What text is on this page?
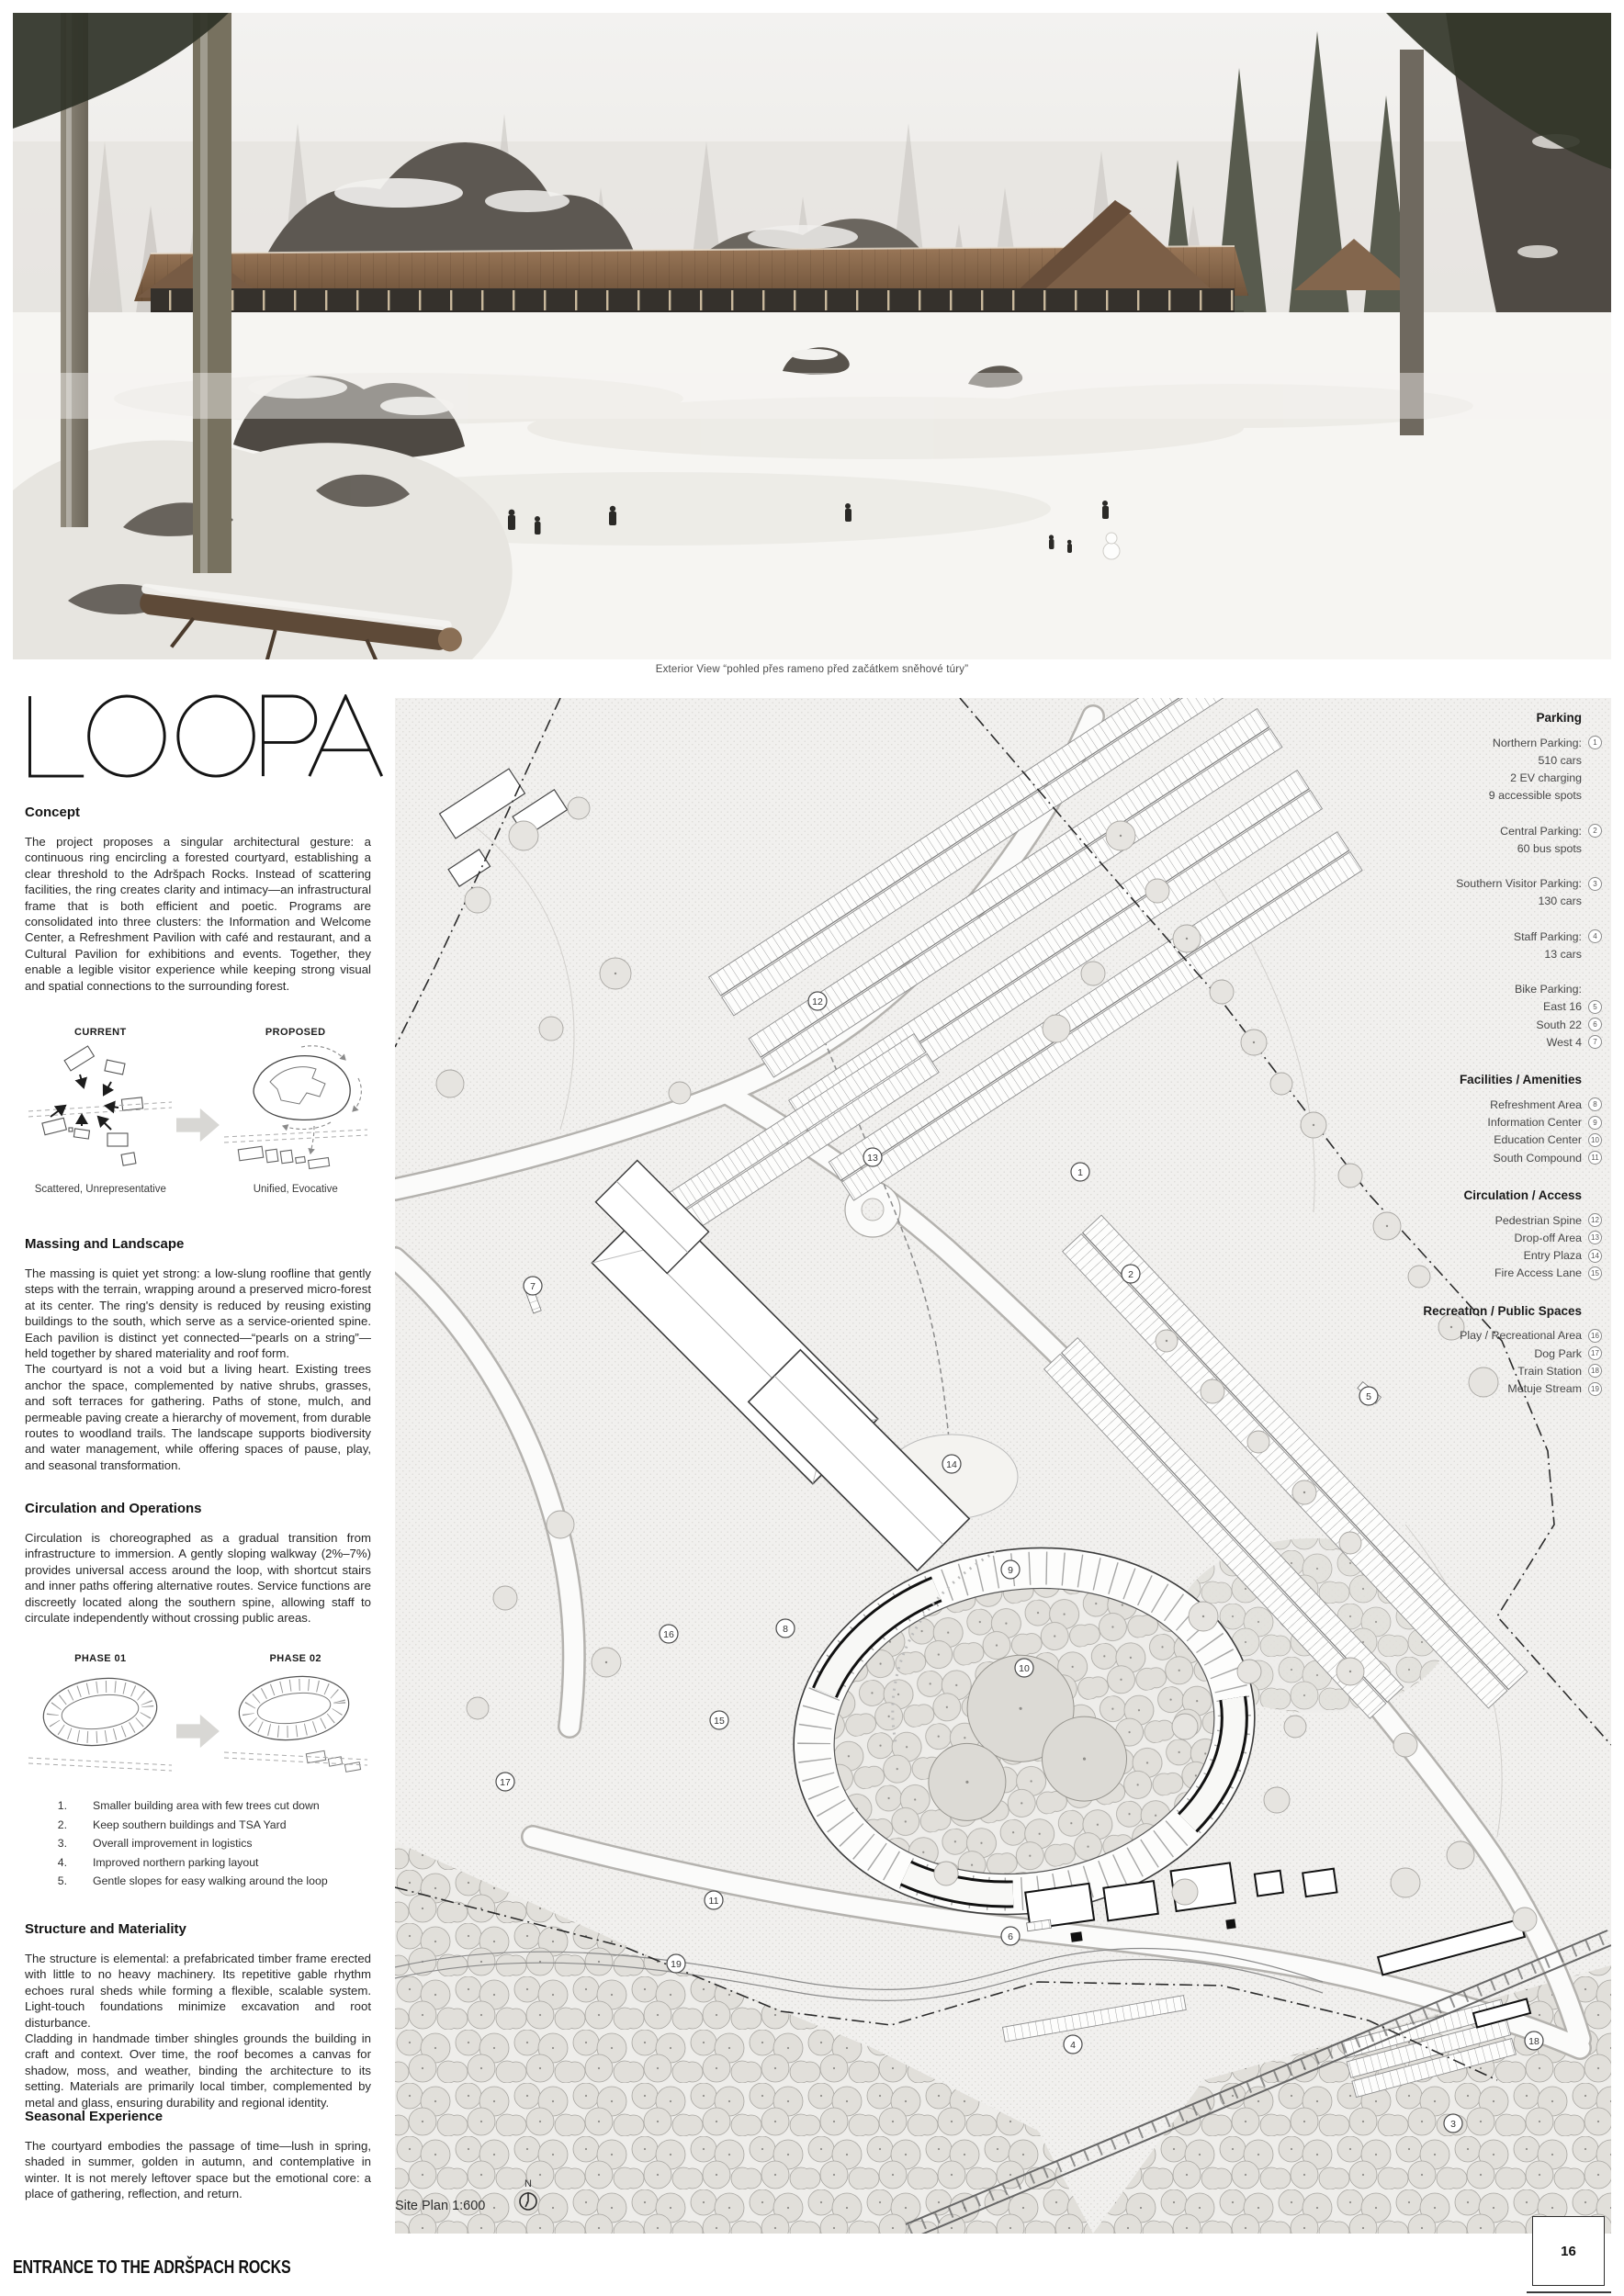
Exterior View “pohled přes rameno před začátkem sněhové túry”
Concept
The project proposes a singular architectural gesture: a continuous ring encircling a forested courtyard, establishing a clear threshold to the Adršpach Rocks. Instead of scattering facilities, the ring creates clarity and intimacy—an infrastructural frame that is both efficient and poetic. Programs are consolidated into three clusters: the Information and Welcome Center, a Refreshment Pavilion with café and restaurant, and a Cultural Pavilion for exhibitions and events. Together, they enable a legible visitor experience while keeping strong visual and spatial connections to the surrounding forest.
CURRENT
Scattered, Unrepresentative
PROPOSED
Unified, Evocative
Massing and Landscape

The massing is quiet yet strong: a low-slung roofline that gently steps with the terrain, wrapping around a preserved micro-forest at its center. The ring's density is reduced by reusing existing buildings to the south, which serve as a service-oriented spine. Each pavilion is distinct yet connected—“pearls on a string”—held together by shared materiality and roof form.

The courtyard is not a void but a living heart. Existing trees anchor the space, complemented by native shrubs, grasses, and soft terraces for gathering. Paths of stone, mulch, and permeable paving create a hierarchy of movement, from durable routes to woodland trails. The landscape supports biodiversity and water management, while offering spaces of pause, play, and seasonal transformation.

Circulation and Operations
Circulation is choreographed as a gradual transition from infrastructure to immersion. A gently sloping walkway (2%–7%) provides universal access around the loop, with shortcut stairs and inner paths offering alternative routes. Service functions are discreetly located along the southern spine, allowing staff to circulate independently without crossing public areas.
PHASE 01	PHASE 02
1.	Smaller building area with few trees cut down
2.	Keep southern buildings and TSA Yard
3.	Overall improvement in logistics
4.	Improved northern parking layout
5.	Gentle slopes for easy walking around the loop
Structure and Materiality

The structure is elemental: a prefabricated timber frame erected with little to no heavy machinery. Its repetitive gable rhythm echoes rural sheds while forming a flexible, scalable system. Light-touch foundations minimize excavation and root disturbance.

Cladding in handmade timber shingles grounds the building in craft and context. Over time, the roof becomes a canvas for shadow, moss, and weather, binding the architecture to its setting. Materials are primarily local timber, complemented by metal and glass, ensuring durability and regional identity.

Seasonal Experience
The courtyard embodies the passage of time—lush in spring, shaded in summer, golden in autumn, and contemplative in winter. It is not merely leftover space but the emotional core: a place of gathering, reflection, and return.
1
2
3
4
5
6
7
8
9
10
11
12
13
14
15
16
17
18
19
Parking
Northern Parking:	1
510 cars
2 EV charging
9 accessible spots
Central Parking:	2
60 bus spots
Southern Visitor Parking:	3
130 cars
Staff Parking:	4
13 cars
Bike Parking:
East 16	5
South 22	6
West 4	7
Facilities / Amenities
Refreshment Area	8
Information Center	9
Education Center	10
South Compound	11
Circulation / Access
Pedestrian Spine	12
Drop-off Area	13
Entry Plaza	14
Fire Access Lane	15
Recreation / Public Spaces
Play / Recreational Area	16
Dog Park	17
Train Station	18
Metuje Stream	19
Site Plan 1:600
N
ENTRANCE TO THE ADRŠPACH ROCKS
16
